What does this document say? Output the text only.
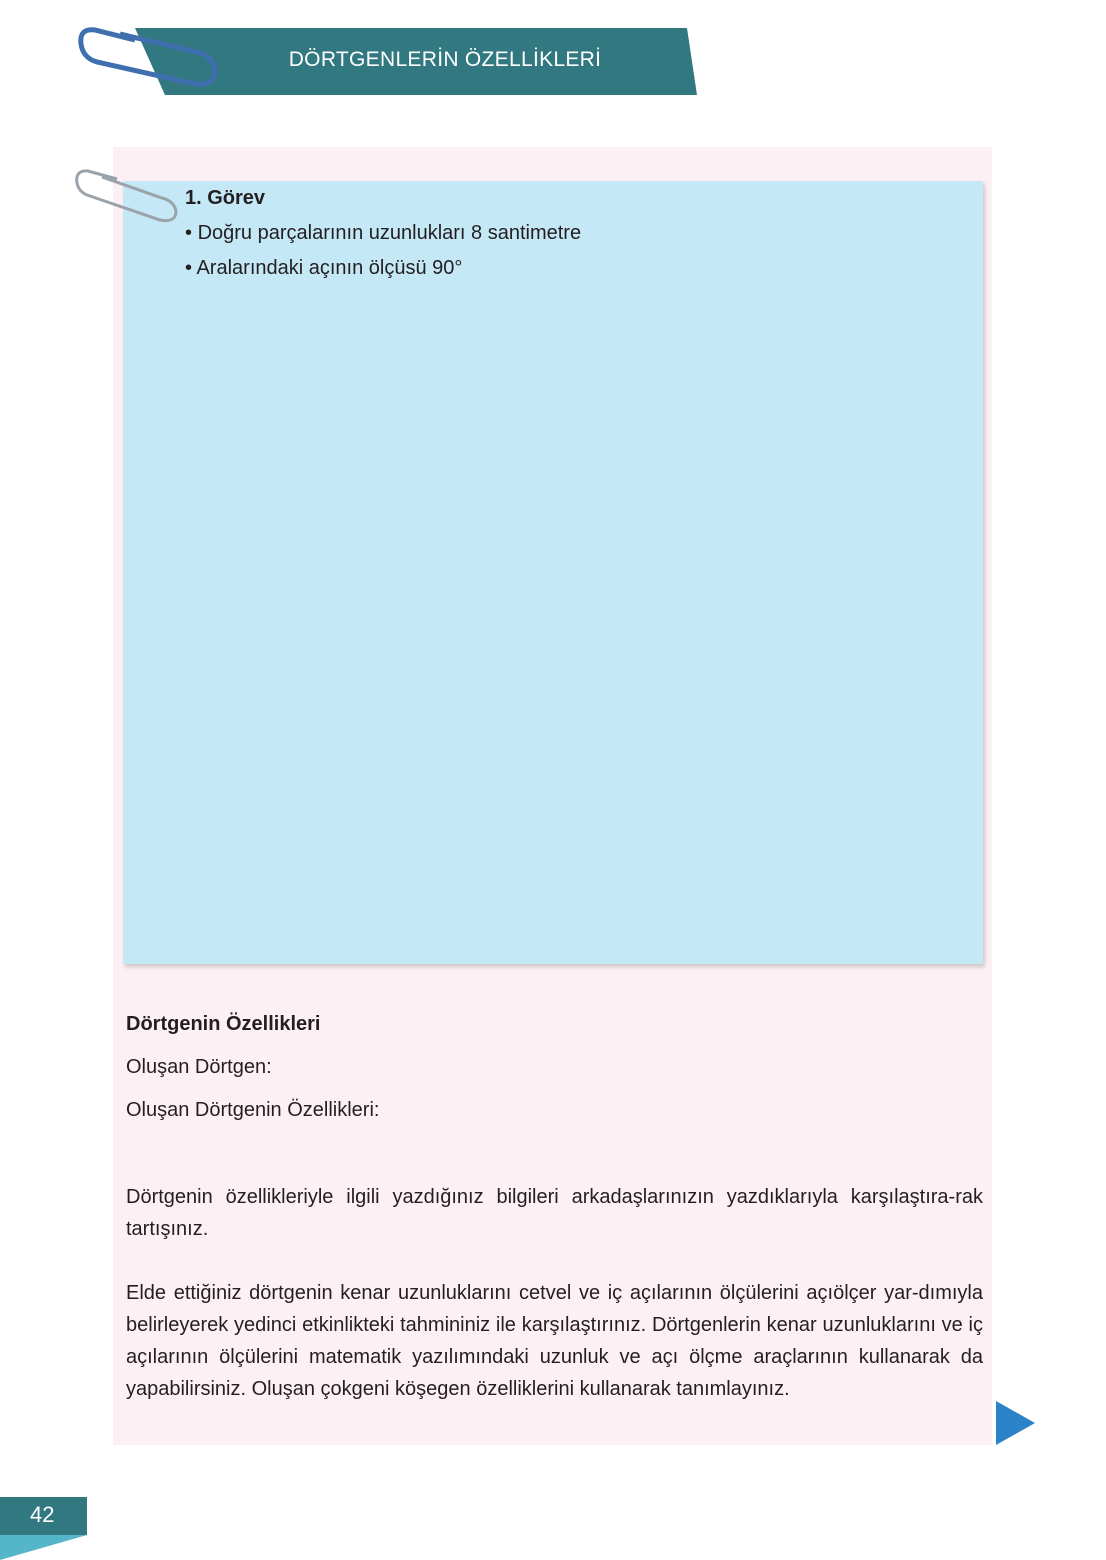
DÖRTGENLERİN ÖZELLİKLERİ
1. Görev
• Doğru parçalarının uzunlukları 8 santimetre
• Aralarındaki açının ölçüsü 90°
Dörtgenin Özellikleri
Oluşan Dörtgen:
Oluşan Dörtgenin Özellikleri:
Dörtgenin özellikleriyle ilgili yazdığınız bilgileri arkadaşlarınızın yazdıklarıyla karşılaştıra-rak tartışınız.
Elde ettiğiniz dörtgenin kenar uzunluklarını cetvel ve iç açılarının ölçülerini açıölçer yar-dımıyla belirleyerek yedinci etkinlikteki tahmininiz ile karşılaştırınız. Dörtgenlerin kenar uzunluklarını ve iç açılarının ölçülerini matematik yazılımındaki uzunluk ve açı ölçme araçlarının kullanarak da yapabilirsiniz. Oluşan çokgeni köşegen özelliklerini kullanarak tanımlayınız.
42
